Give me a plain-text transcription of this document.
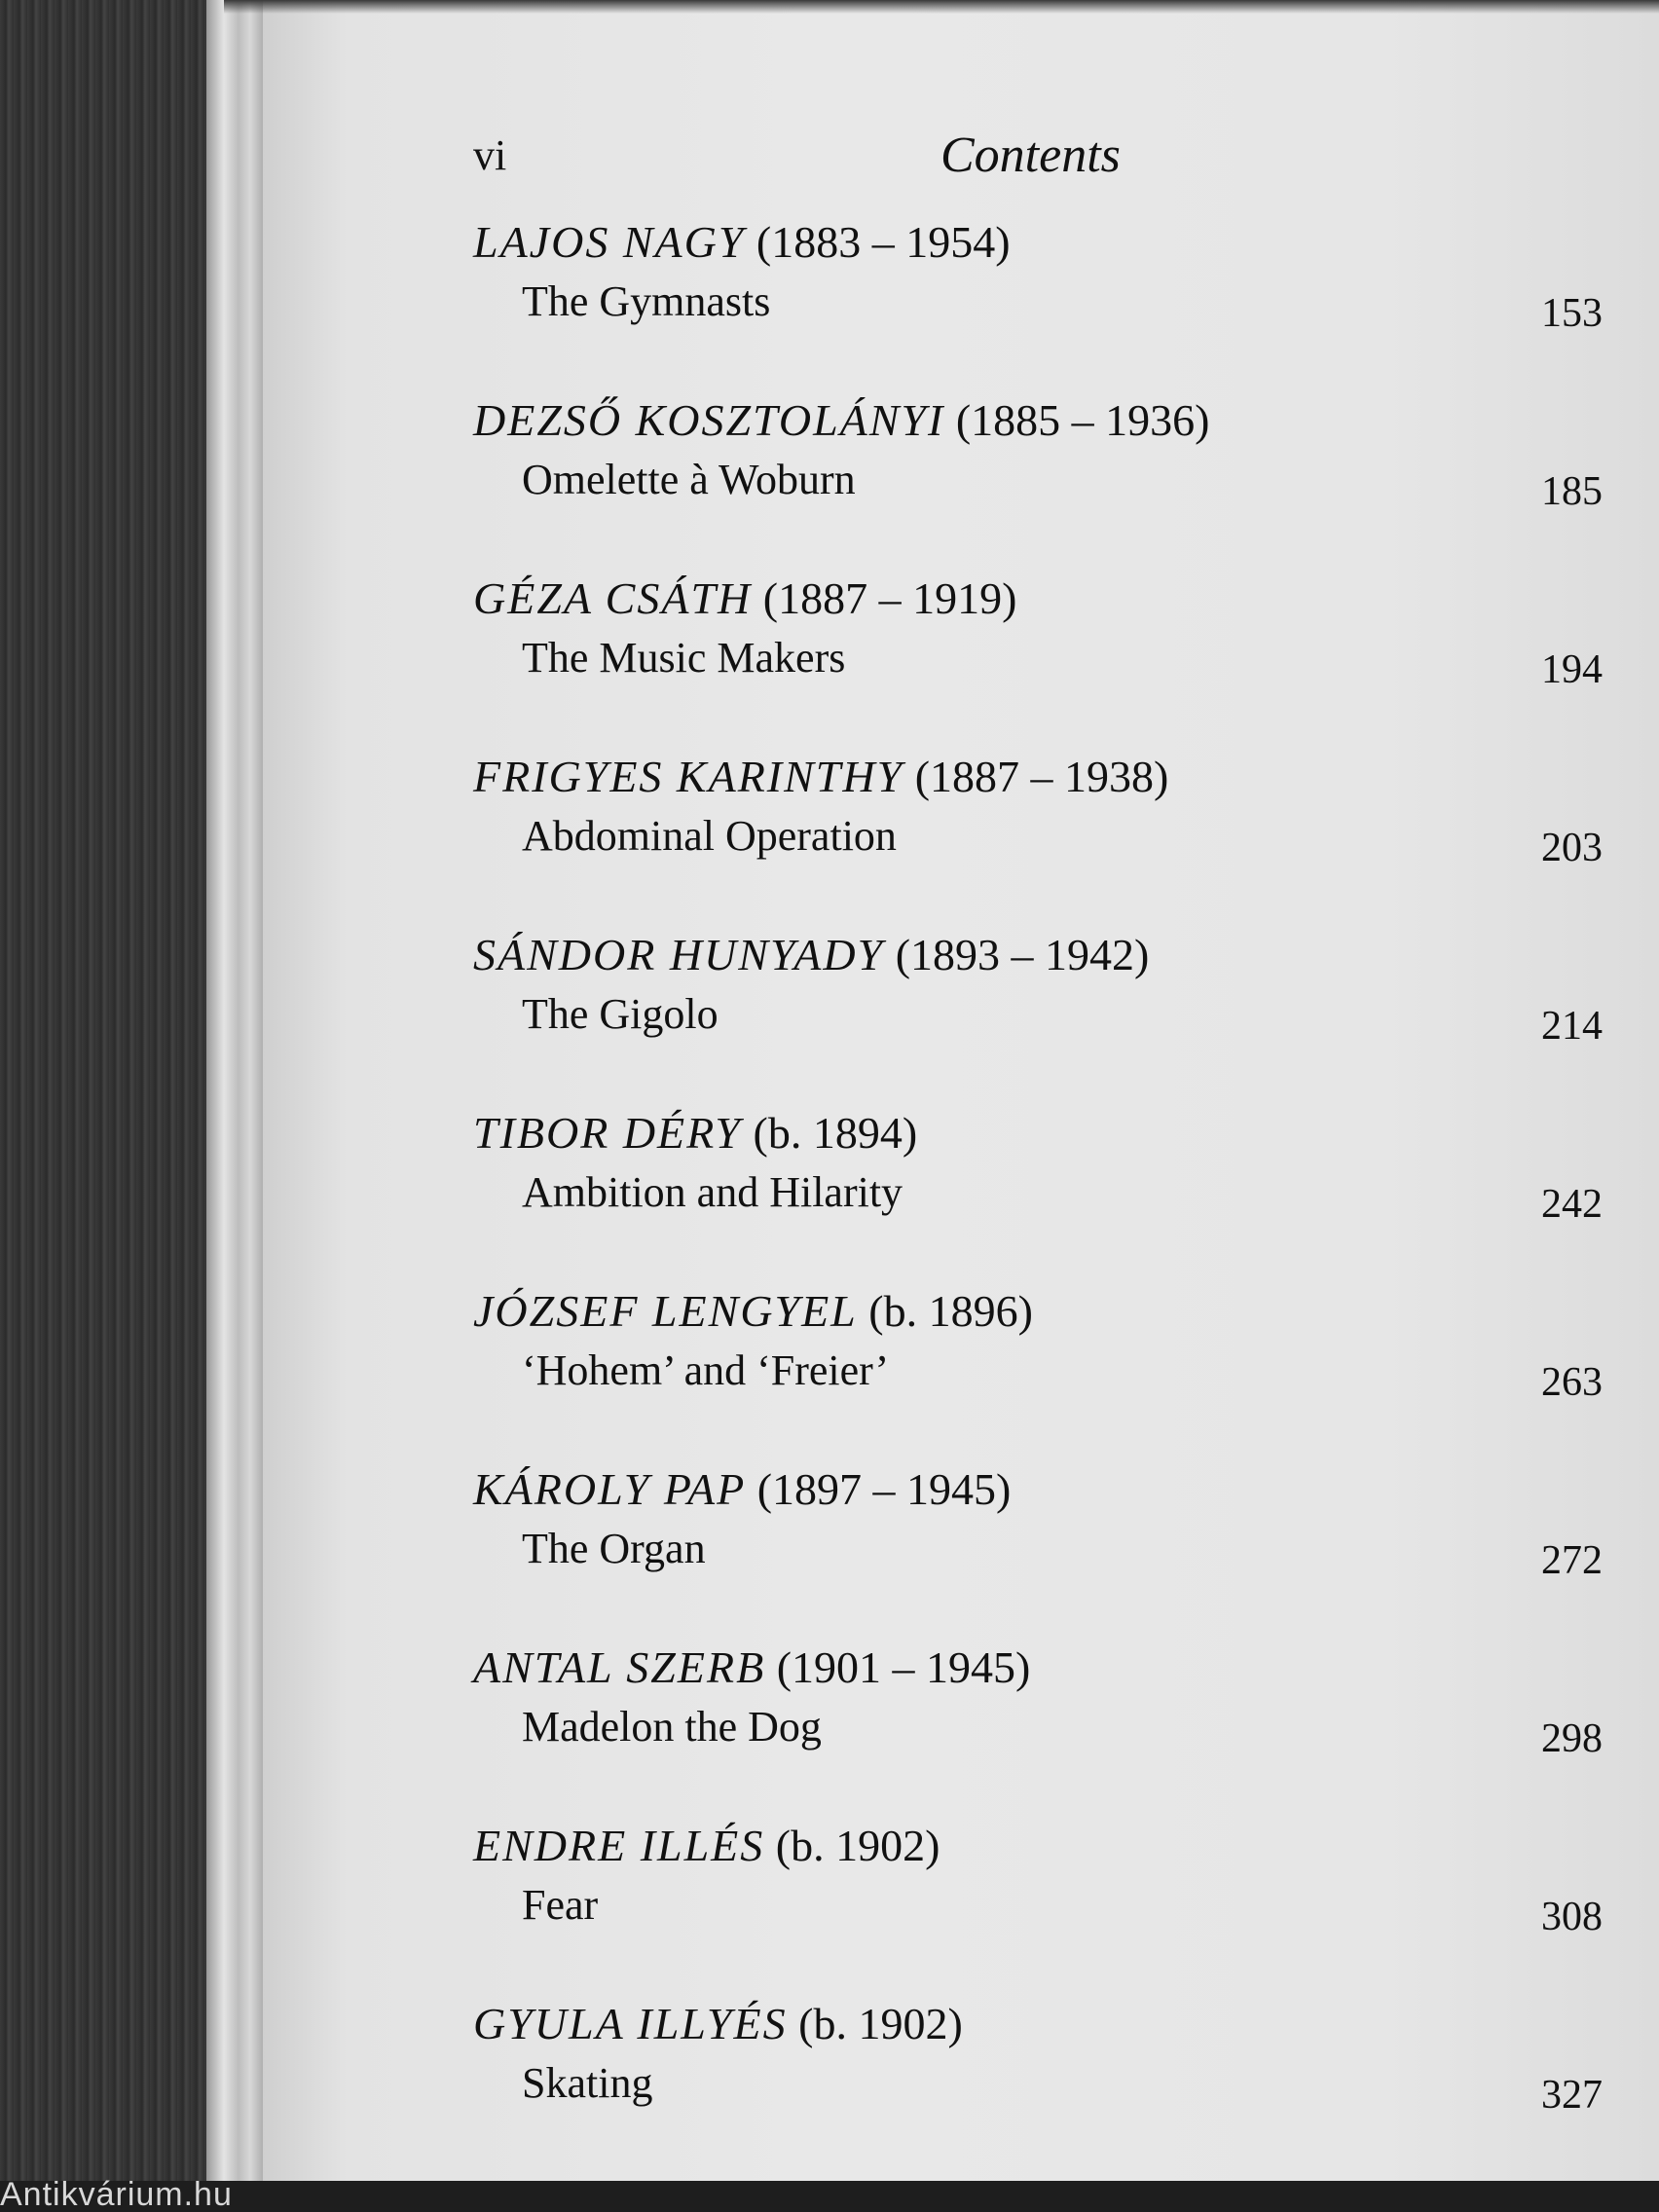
Antikvárium.hu
vi	Contents
LAJOS NAGY (1883 – 1954)
The Gymnasts	153
DEZSŐ KOSZTOLÁNYI (1885 – 1936)
Omelette à Woburn	185
GÉZA CSÁTH (1887 – 1919)
The Music Makers	194
FRIGYES KARINTHY (1887 – 1938)
Abdominal Operation	203
SÁNDOR HUNYADY (1893 – 1942)
The Gigolo	214
TIBOR DÉRY (b. 1894)
Ambition and Hilarity	242
JÓZSEF LENGYEL (b. 1896)
‘Hohem’ and ‘Freier’	263
KÁROLY PAP (1897 – 1945)
The Organ	272
ANTAL SZERB (1901 – 1945)
Madelon the Dog	298
ENDRE ILLÉS (b. 1902)
Fear	308
GYULA ILLYÉS (b. 1902)
Skating	327
